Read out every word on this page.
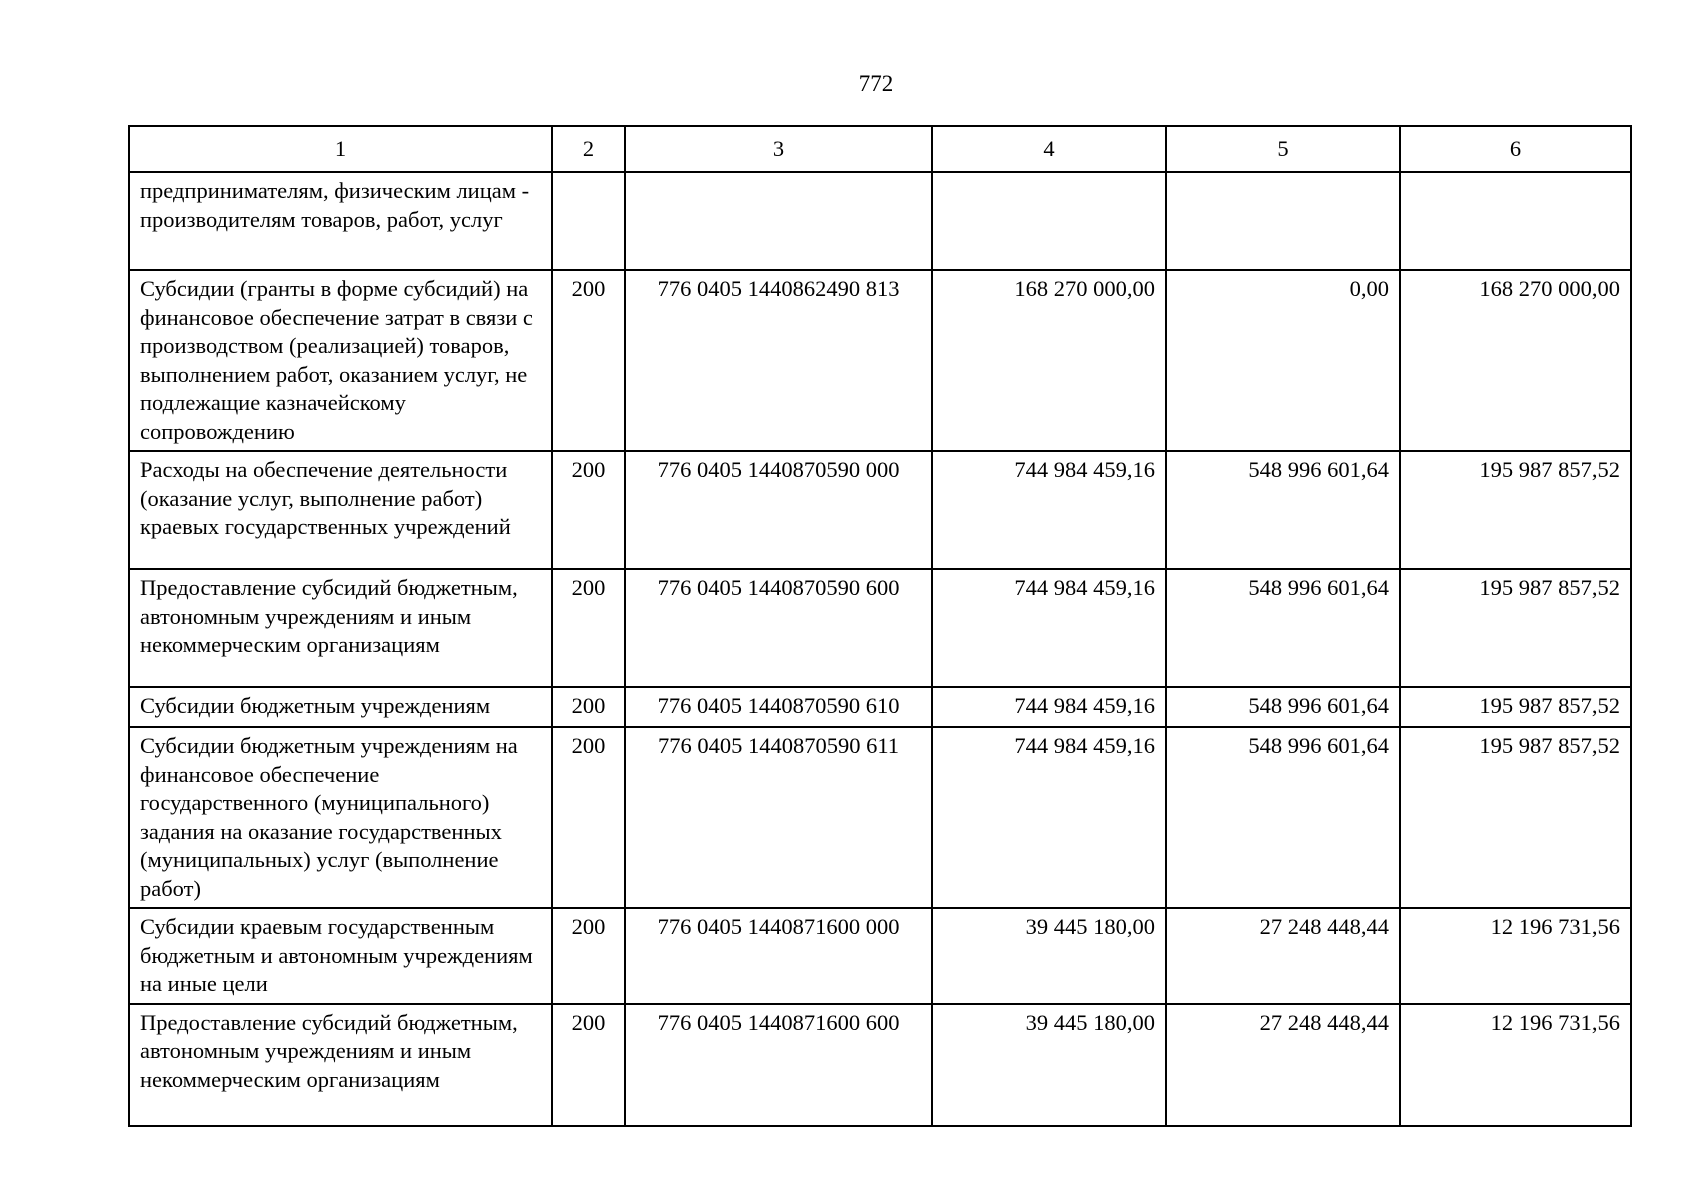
772
1	2	3	4	5	6
предпринимателям, физическим лицам - производителям товаров, работ, услуг					
Субсидии (гранты в форме субсидий) на финансовое обеспечение затрат в связи с производством (реализацией) товаров, выполнением работ, оказанием услуг, не подлежащие казначейскому сопровождению	200	776 0405 1440862490 813	168 270 000,00	0,00	168 270 000,00
Расходы на обеспечение деятельности (оказание услуг, выполнение работ) краевых государственных учреждений	200	776 0405 1440870590 000	744 984 459,16	548 996 601,64	195 987 857,52
Предоставление субсидий бюджетным, автономным учреждениям и иным некоммерческим организациям	200	776 0405 1440870590 600	744 984 459,16	548 996 601,64	195 987 857,52
Субсидии бюджетным учреждениям	200	776 0405 1440870590 610	744 984 459,16	548 996 601,64	195 987 857,52
Субсидии бюджетным учреждениям на финансовое обеспечение государственного (муниципального) задания на оказание государственных (муниципальных) услуг (выполнение работ)	200	776 0405 1440870590 611	744 984 459,16	548 996 601,64	195 987 857,52
Субсидии краевым государственным бюджетным и автономным учреждениям на иные цели	200	776 0405 1440871600 000	39 445 180,00	27 248 448,44	12 196 731,56
Предоставление субсидий бюджетным, автономным учреждениям и иным некоммерческим организациям	200	776 0405 1440871600 600	39 445 180,00	27 248 448,44	12 196 731,56
